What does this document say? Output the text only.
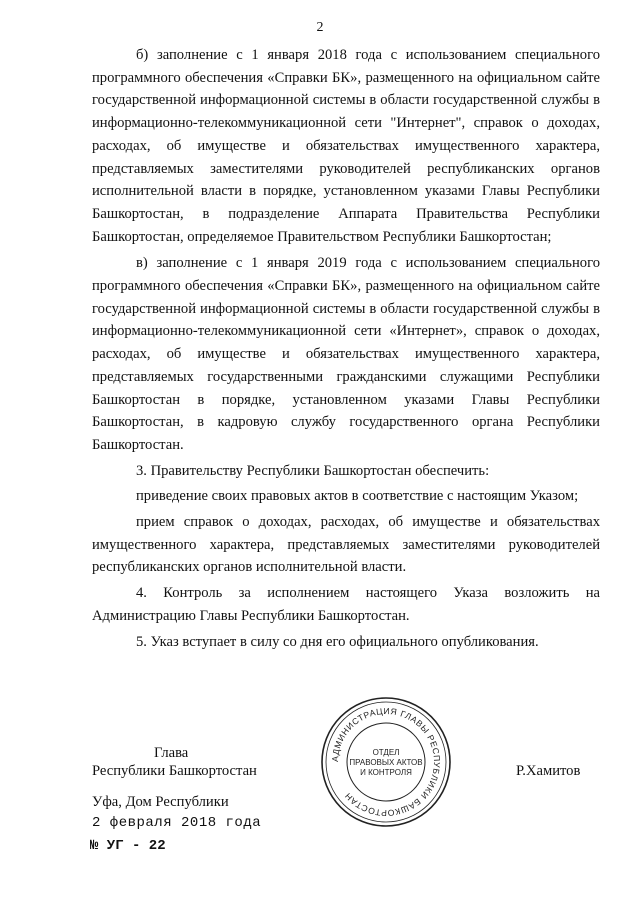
2

б) заполнение с 1 января 2018 года с использованием специального программного обеспечения «Справки БК», размещенного на официальном сайте государственной информационной системы в области государственной службы в информационно-телекоммуникационной сети "Интернет", справок о доходах, расходах, об имуществе и обязательствах имущественного характера, представляемых заместителями руководителей республиканских органов исполнительной власти в порядке, установленном указами Главы Республики Башкортостан, в подразделение Аппарата Правительства Республики Башкортостан, определяемое Правительством Республики Башкортостан;

в) заполнение с 1 января 2019 года с использованием специального программного обеспечения «Справки БК», размещенного на официальном сайте государственной информационной системы в области государственной службы в информационно-телекоммуникационной сети «Интернет», справок о доходах, расходах, об имуществе и обязательствах имущественного характера, представляемых государственными гражданскими служащими Республики Башкортостан в порядке, установленном указами Главы Республики Башкортостан, в кадровую службу государственного органа Республики Башкортостан.

3. Правительству Республики Башкортостан обеспечить:

приведение своих правовых актов в соответствие с настоящим Указом;

прием справок о доходах, расходах, об имуществе и обязательствах имущественного характера, представляемых заместителями руководителей республиканских органов исполнительной власти.

4. Контроль за исполнением настоящего Указа возложить на Администрацию Главы Республики Башкортостан.

5. Указ вступает в силу со дня его официального опубликования.

Глава
Республики Башкортостан
АДМИНИСТРАЦИЯ ГЛАВЫ РЕСПУБЛИКИ БАШКОРТОСТАН
ОТДЕЛ
ПРАВОВЫХ АКТОВ
И КОНТРОЛЯ	Р.Хамитов
Уфа, Дом Республики
2 февраля 2018 года
№ УГ - 22
